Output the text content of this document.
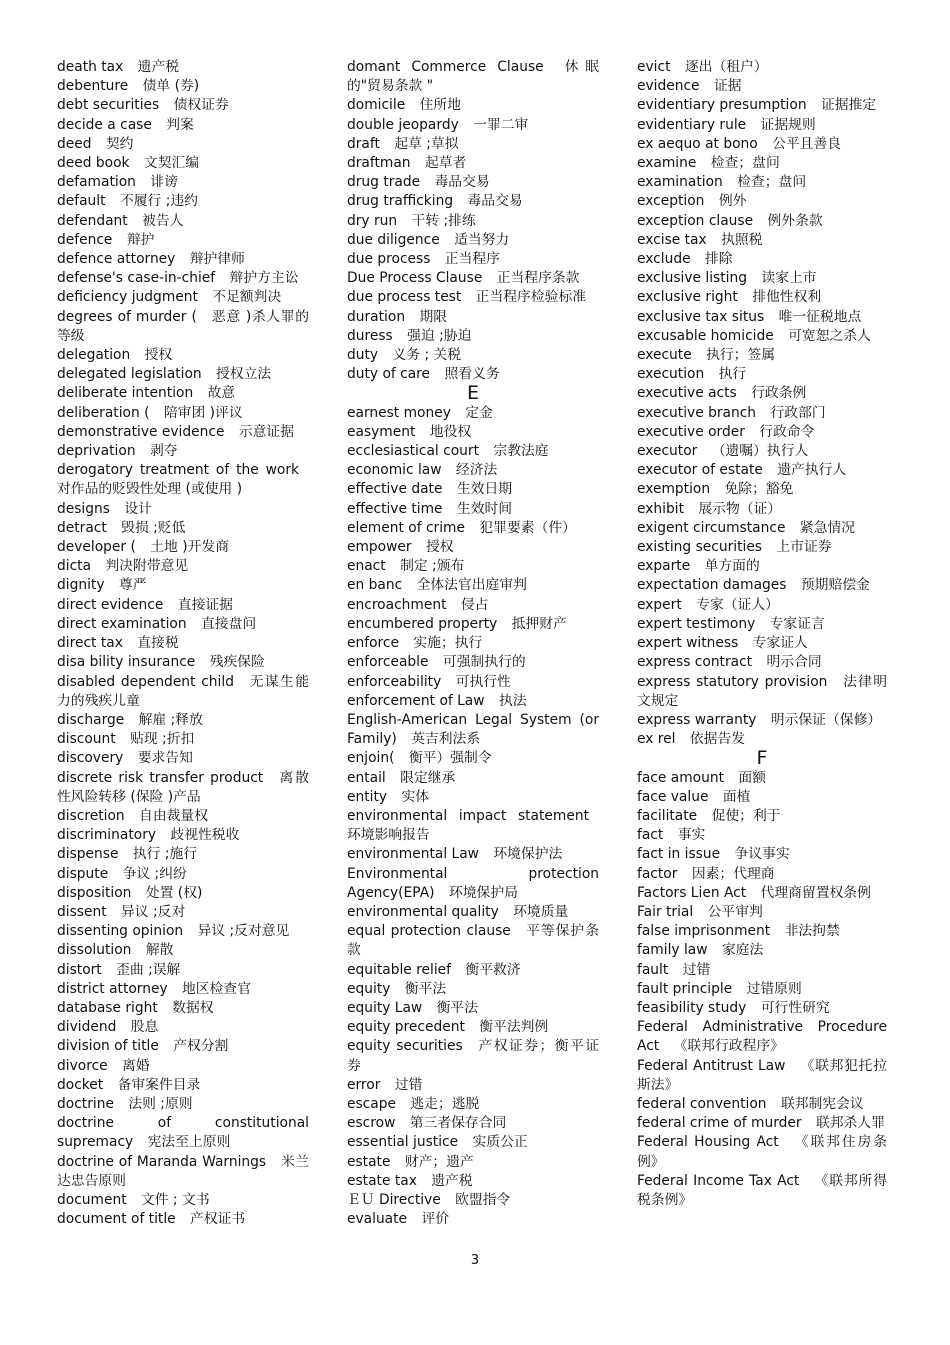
death tax 遗产税
debenture 债单 (券)
debt securities 债权证券
decide a case 判案
deed 契约
deed book 文契汇编
defamation 诽谤
default 不履行 ;违约
defendant 被告人
defence 辩护
defence attorney 辩护律师
defense's case-in-chief 辩护方主讼
deficiency judgment 不足额判决
degrees of murder ( 恶意 )杀人罪的等级
delegation 授权
delegated legislation 授权立法
deliberate intention 故意
deliberation ( 陪审团 )评议
demonstrative evidence 示意证据
deprivation 剥夺
derogatory treatment of the work 对作品的贬毁性处理 (或使用 )
designs 设计
detract 毁损 ;贬低
developer ( 土地 )开发商
dicta 判决附带意见
dignity 尊严
direct evidence 直接证据
direct examination 直接盘问
direct tax 直接税
disa bility insurance 残疾保险
disabled dependent child 无谋生能力的残疾儿童
discharge 解雇 ;释放
discount 贴现 ;折扣
discovery 要求告知
discrete risk transfer product 离散性风险转移 (保险 )产品
discretion 自由裁量权
discriminatory 歧视性税收
dispense 执行 ;施行
dispute 争议 ;纠纷
disposition 处置 (权)
dissent 异议 ;反对
dissenting opinion 异议 ;反对意见
dissolution 解散
distort 歪曲 ;误解
district attorney 地区检查官
database right 数据权
dividend 股息
division of title 产权分割
divorce 离婚
docket 备审案件目录
doctrine 法则 ;原则
doctrine of constitutional supremacy 宪法至上原则
doctrine of Maranda Warnings 米兰达忠告原则
document 文件 ; 文书
document of title 产权证书
domant Commerce Clause 休眠的"贸易条款 "
domicile 住所地
double jeopardy 一罪二审
draft 起草 ;草拟
draftman 起草者
drug trade 毒品交易
drug trafficking 毒品交易
dry run 干转 ;排练
due diligence 适当努力
due process 正当程序
Due Process Clause 正当程序条款
due process test 正当程序检验标准
duration 期限
duress 强迫 ;胁迫
duty 义务 ; 关税
duty of care 照看义务
E
earnest money 定金
easyment 地役权
ecclesiastical court 宗教法庭
economic law 经济法
effective date 生效日期
effective time 生效时间
element of crime 犯罪要素（件）
empower 授权
enact 制定 ;颁布
en banc 全体法官出庭审判
encroachment 侵占
encumbered property 抵押财产
enforce 实施；执行
enforceable 可强制执行的
enforceability 可执行性
enforcement of Law 执法
English-American Legal System (or Family) 英吉利法系
enjoin( 衡平）强制令
entail 限定继承
entity 实体
environmental impact statement 环境影响报告
environmental Law 环境保护法
Environmental protection Agency(EPA) 环境保护局
environmental quality 环境质量
equal protection clause 平等保护条款
equitable relief 衡平救济
equity 衡平法
equity Law 衡平法
equity precedent 衡平法判例
equity securities 产权证券；衡平证券
error 过错
escape 逃走；逃脱
escrow 第三者保存合同
essential justice 实质公正
estate 财产；遗产
estate tax 遗产税
ＥＵ Directive 欧盟指令
evaluate 评价
evict 逐出（租户）
evidence 证据
evidentiary presumption 证据推定
evidentiary rule 证据规则
ex aequo at bono 公平且善良
examine 检查；盘问
examination 检查；盘问
exception 例外
exception clause 例外条款
excise tax 执照税
exclude 排除
exclusive listing 读家上市
exclusive right 排他性权利
exclusive tax situs 唯一征税地点
excusable homicide 可宽恕之杀人
execute 执行；签属
execution 执行
executive acts 行政条例
executive branch 行政部门
executive order 行政命令
executor （遗嘱）执行人
executor of estate 遗产执行人
exemption 免除；豁免
exhibit 展示物（证）
exigent circumstance 紧急情况
existing securities 上市证券
exparte 单方面的
expectation damages 预期赔偿金
expert 专家（证人）
expert testimony 专家证言
expert witness 专家证人
express contract 明示合同
express statutory provision 法律明文规定
express warranty 明示保证（保修）
ex rel 依据告发
F
face amount 面额
face value 面植
facilitate 促使；利于
fact 事实
fact in issue 争议事实
factor 因素；代理商
Factors Lien Act 代理商留置权条例
Fair trial 公平审判
false imprisonment 非法拘禁
family law 家庭法
fault 过错
fault principle 过错原则
feasibility study 可行性研究
Federal Administrative Procedure Act 《联邦行政程序》
Federal Antitrust Law 《联邦犯托拉斯法》
federal convention 联邦制宪会议
federal crime of murder 联邦杀人罪
Federal Housing Act 《联邦住房条例》
Federal Income Tax Act 《联邦所得税条例》
3
